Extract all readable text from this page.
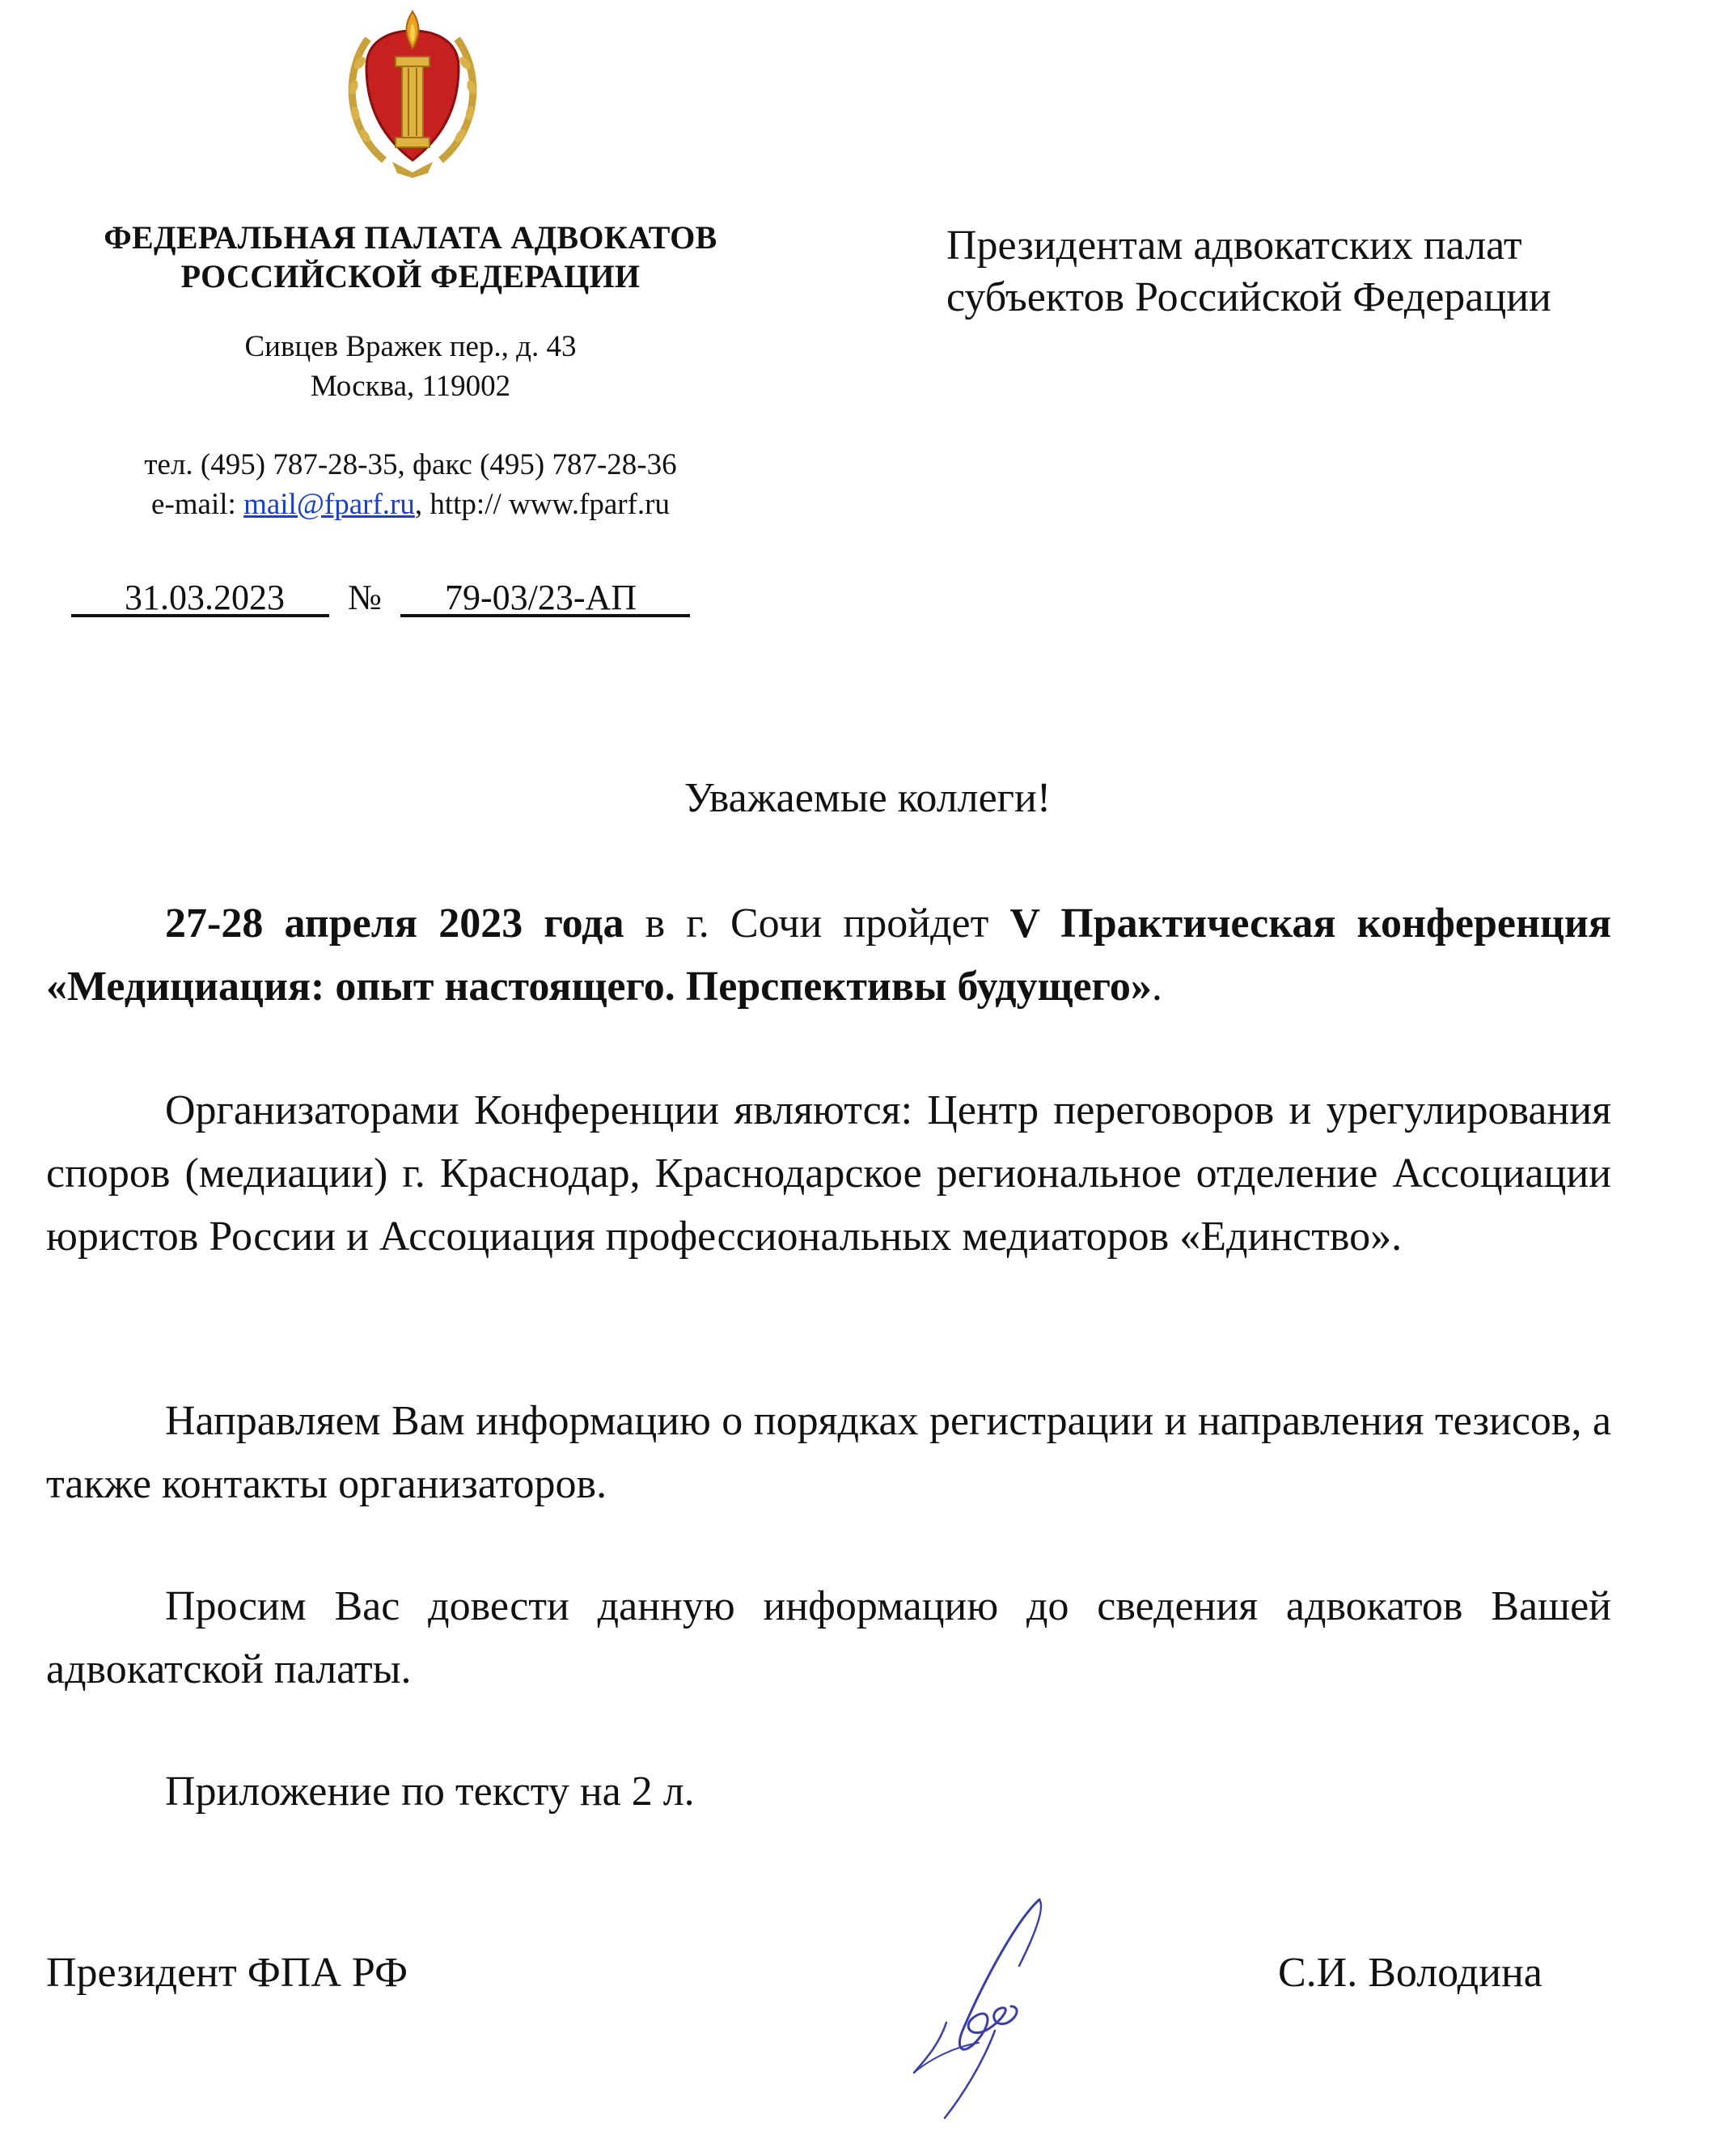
ФЕДЕРАЛЬНАЯ ПАЛАТА АДВОКАТОВ
РОССИЙСКОЙ ФЕДЕРАЦИИ
Сивцев Вражек пер., д. 43
Москва, 119002
тел. (495) 787-28-35, факс (495) 787-28-36
e-mail: mail@fparf.ru, http:// www.fparf.ru
31.03.2023 № 79-03/23-АП
Президентам адвокатских палат
субъектов Российской Федерации
Уважаемые коллеги!

27-28 апреля 2023 года в г. Сочи пройдет V Практическая конференция «Медициация: опыт настоящего. Перспективы будущего».

Организаторами Конференции являются: Центр переговоров и урегулирования споров (медиации) г. Краснодар, Краснодарское региональное отделение Ассоциации юристов России и Ассоциация профессиональных медиаторов «Единство».

Направляем Вам информацию о порядках регистрации и направления тезисов, а также контакты организаторов.

Просим Вас довести данную информацию до сведения адвокатов Вашей адвокатской палаты.

Приложение по тексту на 2 л.

Президент ФПА РФ	С.И. Володина
